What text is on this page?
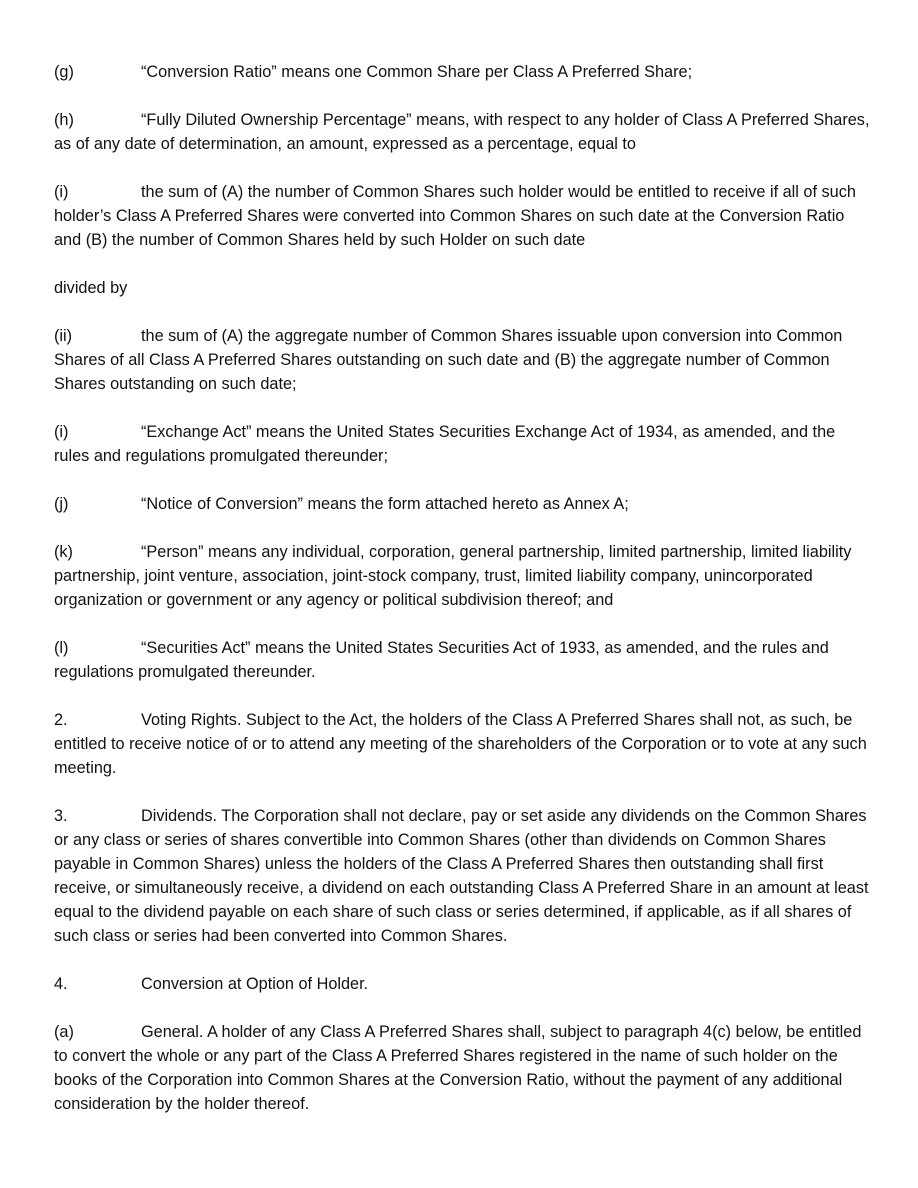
(g)	“Conversion Ratio” means one Common Share per Class A Preferred Share;

(h)	“Fully Diluted Ownership Percentage” means, with respect to any holder of Class A Preferred Shares, as of any date of determination, an amount, expressed as a percentage, equal to

(i)	the sum of (A) the number of Common Shares such holder would be entitled to receive if all of such holder’s Class A Preferred Shares were converted into Common Shares on such date at the Conversion Ratio and (B) the number of Common Shares held by such Holder on such date

divided by

(ii)	the sum of (A) the aggregate number of Common Shares issuable upon conversion into Common Shares of all Class A Preferred Shares outstanding on such date and (B) the aggregate number of Common Shares outstanding on such date;

(i)	“Exchange Act” means the United States Securities Exchange Act of 1934, as amended, and the rules and regulations promulgated thereunder;

(j)	“Notice of Conversion” means the form attached hereto as Annex A;

(k)	“Person” means any individual, corporation, general partnership, limited partnership, limited liability partnership, joint venture, association, joint-stock company, trust, limited liability company, unincorporated organization or government or any agency or political subdivision thereof; and

(l)	“Securities Act” means the United States Securities Act of 1933, as amended, and the rules and regulations promulgated thereunder.

2.	Voting Rights. Subject to the Act, the holders of the Class A Preferred Shares shall not, as such, be entitled to receive notice of or to attend any meeting of the shareholders of the Corporation or to vote at any such meeting.

3.	Dividends. The Corporation shall not declare, pay or set aside any dividends on the Common Shares or any class or series of shares convertible into Common Shares (other than dividends on Common Shares payable in Common Shares) unless the holders of the Class A Preferred Shares then outstanding shall first receive, or simultaneously receive, a dividend on each outstanding Class A Preferred Share in an amount at least equal to the dividend payable on each share of such class or series determined, if applicable, as if all shares of such class or series had been converted into Common Shares.

4.	Conversion at Option of Holder.

(a)	General. A holder of any Class A Preferred Shares shall, subject to paragraph 4(c) below, be entitled to convert the whole or any part of the Class A Preferred Shares registered in the name of such holder on the books of the Corporation into Common Shares at the Conversion Ratio, without the payment of any additional consideration by the holder thereof.
